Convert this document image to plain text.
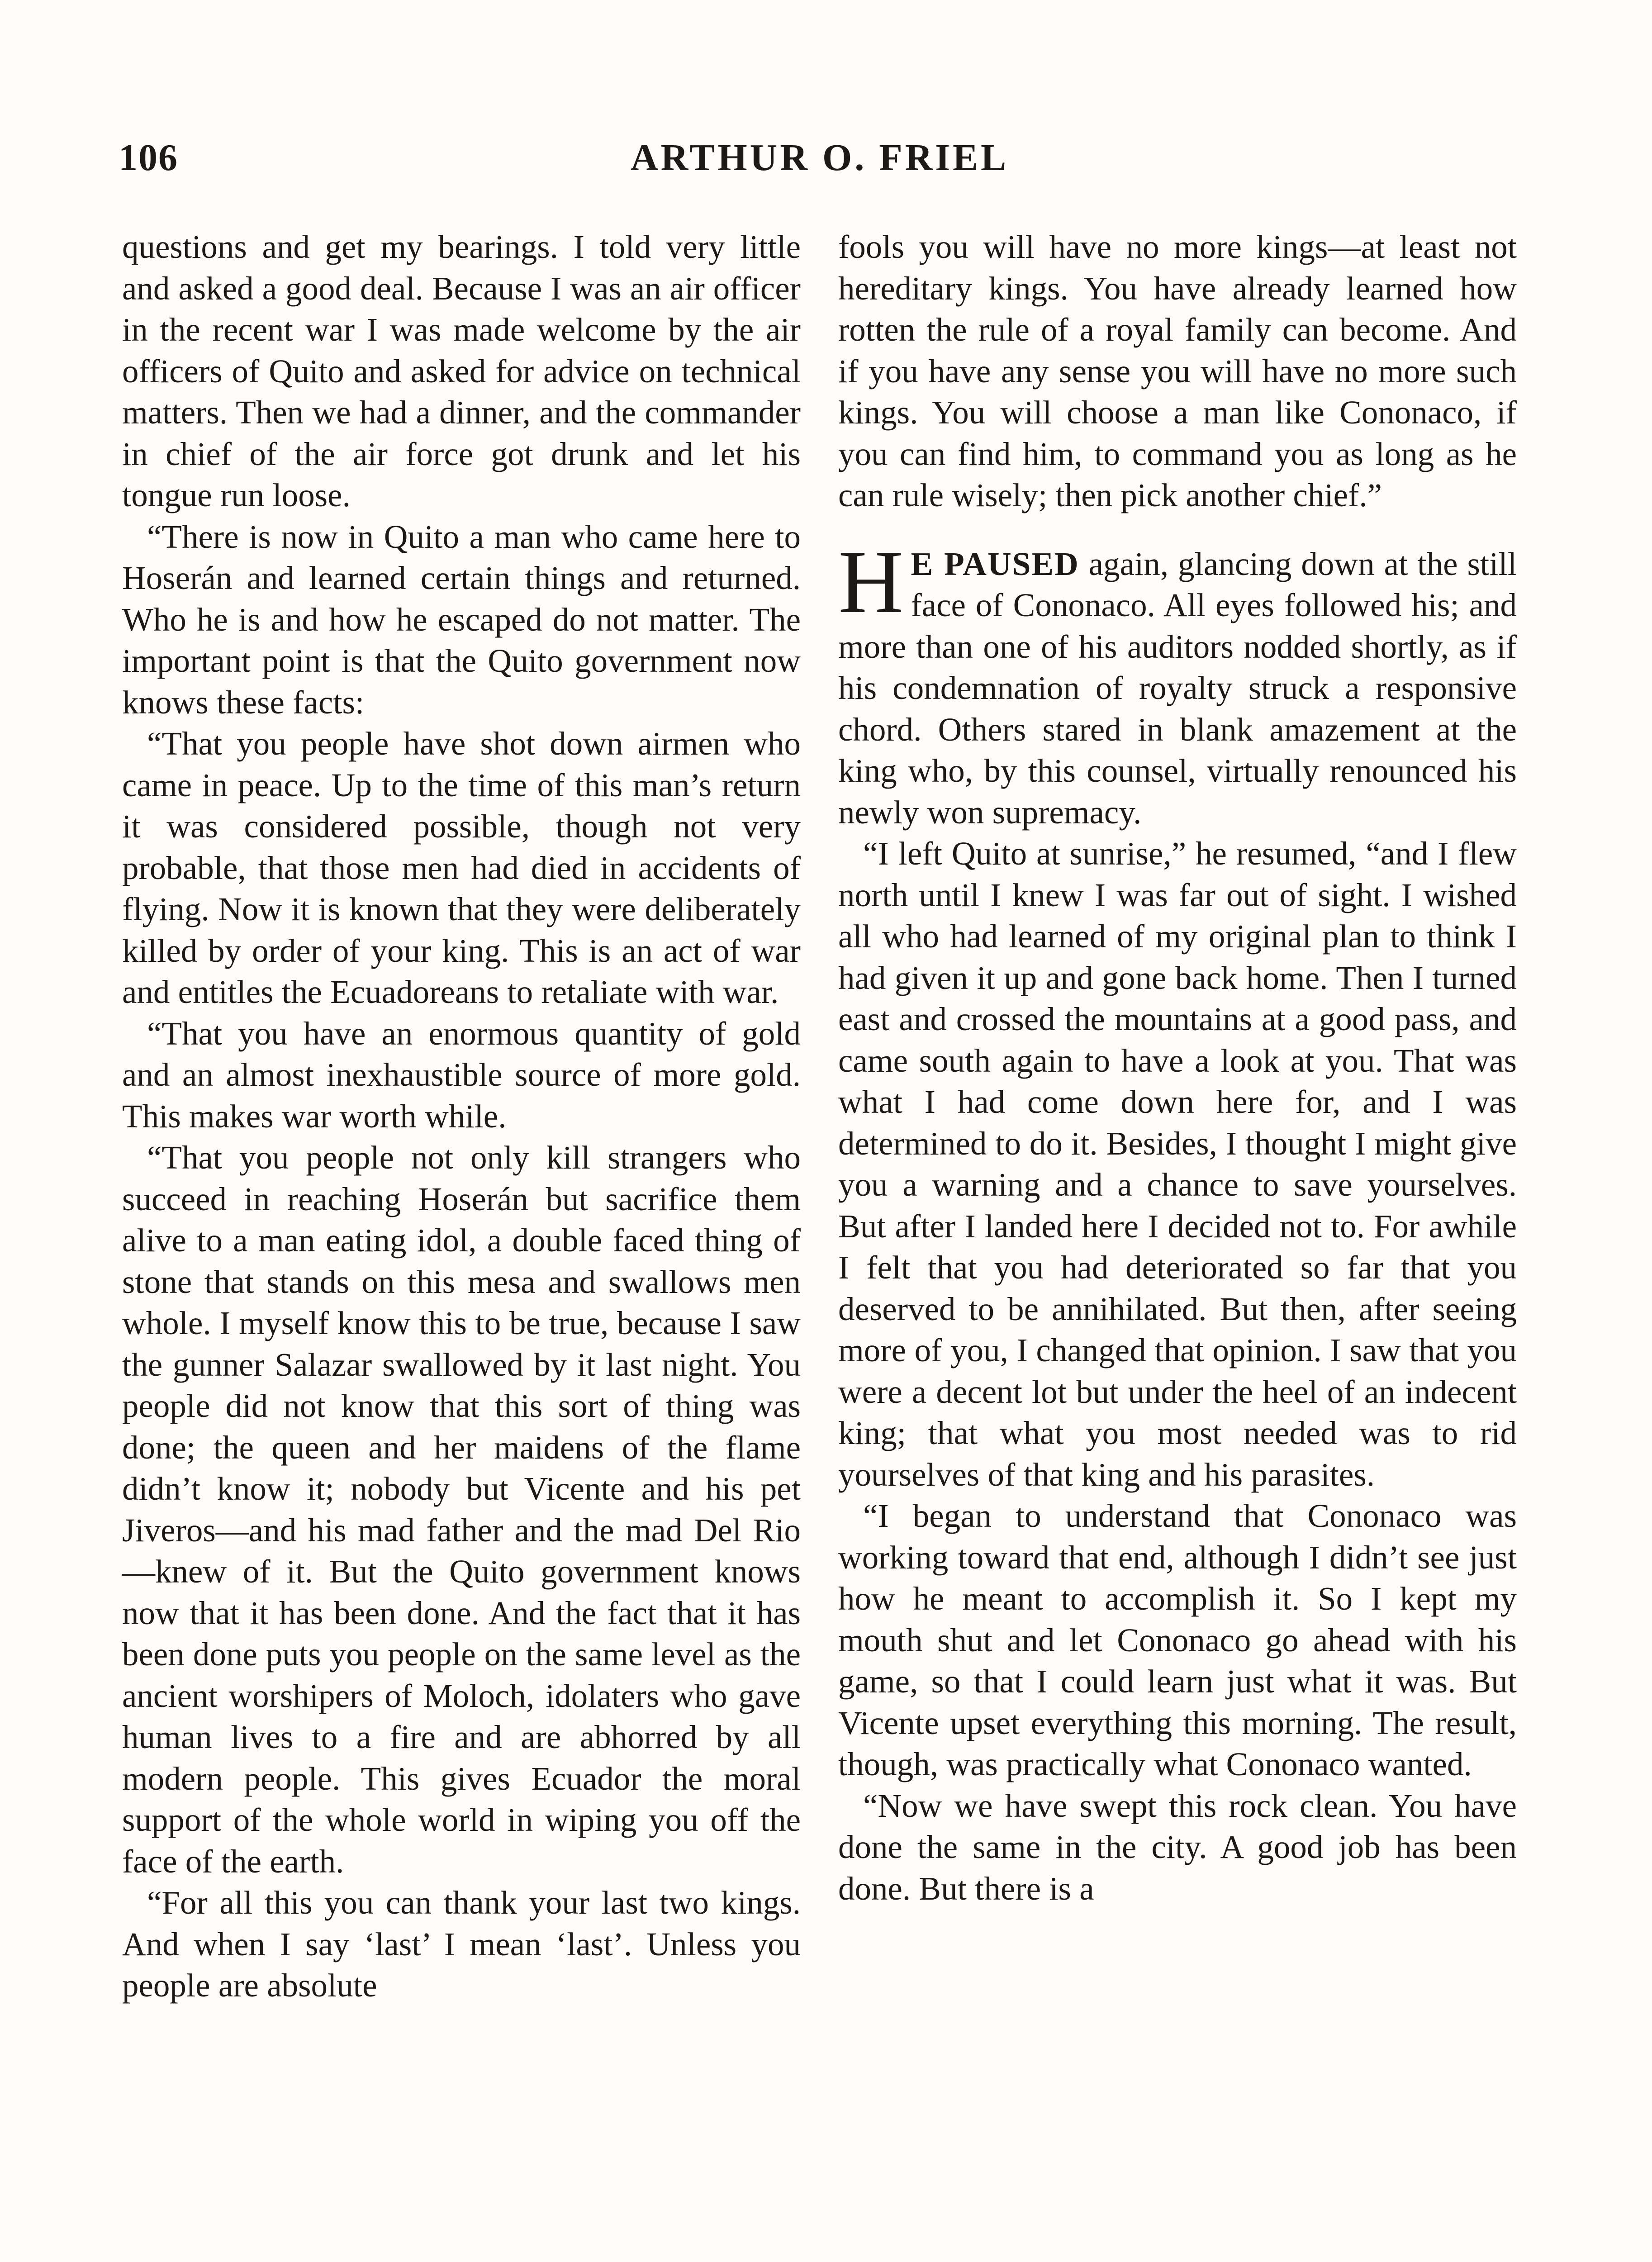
106	ARTHUR O. FRIEL

questions and get my bearings. I told very little and asked a good deal. Because I was an air officer in the recent war I was made welcome by the air officers of Quito and asked for advice on technical matters. Then we had a dinner, and the commander in chief of the air force got drunk and let his tongue run loose.

“There is now in Quito a man who came here to Hoserán and learned certain things and returned. Who he is and how he escaped do not matter. The important point is that the Quito government now knows these facts:

“That you people have shot down airmen who came in peace. Up to the time of this man’s return it was considered possible, though not very probable, that those men had died in accidents of flying. Now it is known that they were deliberately killed by order of your king. This is an act of war and entitles the Ecuadoreans to retaliate with war.

“That you have an enormous quantity of gold and an almost inexhaustible source of more gold. This makes war worth while.

“That you people not only kill strangers who succeed in reaching Hoserán but sacrifice them alive to a man eating idol, a double faced thing of stone that stands on this mesa and swallows men whole. I myself know this to be true, because I saw the gunner Salazar swallowed by it last night. You people did not know that this sort of thing was done; the queen and her maidens of the flame didn’t know it; nobody but Vicente and his pet Jiveros—and his mad father and the mad Del Rio—knew of it. But the Quito government knows now that it has been done. And the fact that it has been done puts you people on the same level as the ancient worshipers of Moloch, idolaters who gave human lives to a fire and are abhorred by all modern people. This gives Ecuador the moral support of the whole world in wiping you off the face of the earth.

“For all this you can thank your last two kings. And when I say ‘last’ I mean ‘last’. Unless you people are absolute

fools you will have no more kings—at least not hereditary kings. You have already learned how rotten the rule of a royal family can become. And if you have any sense you will have no more such kings. You will choose a man like Cononaco, if you can find him, to command you as long as he can rule wisely; then pick another chief.”

H E PAUSED again, glancing down at the still face of Cononaco. All eyes followed his; and more than one of his auditors nodded shortly, as if his condemnation of royalty struck a responsive chord. Others stared in blank amazement at the king who, by this counsel, virtually renounced his newly won supremacy.

“I left Quito at sunrise,” he resumed, “and I flew north until I knew I was far out of sight. I wished all who had learned of my original plan to think I had given it up and gone back home. Then I turned east and crossed the mountains at a good pass, and came south again to have a look at you. That was what I had come down here for, and I was determined to do it. Besides, I thought I might give you a warning and a chance to save yourselves. But after I landed here I decided not to. For awhile I felt that you had deteriorated so far that you deserved to be annihilated. But then, after seeing more of you, I changed that opinion. I saw that you were a decent lot but under the heel of an indecent king; that what you most needed was to rid yourselves of that king and his parasites.

“I began to understand that Cononaco was working toward that end, although I didn’t see just how he meant to accomplish it. So I kept my mouth shut and let Cononaco go ahead with his game, so that I could learn just what it was. But Vicente upset everything this morning. The result, though, was practically what Cononaco wanted.

“Now we have swept this rock clean. You have done the same in the city. A good job has been done. But there is a
